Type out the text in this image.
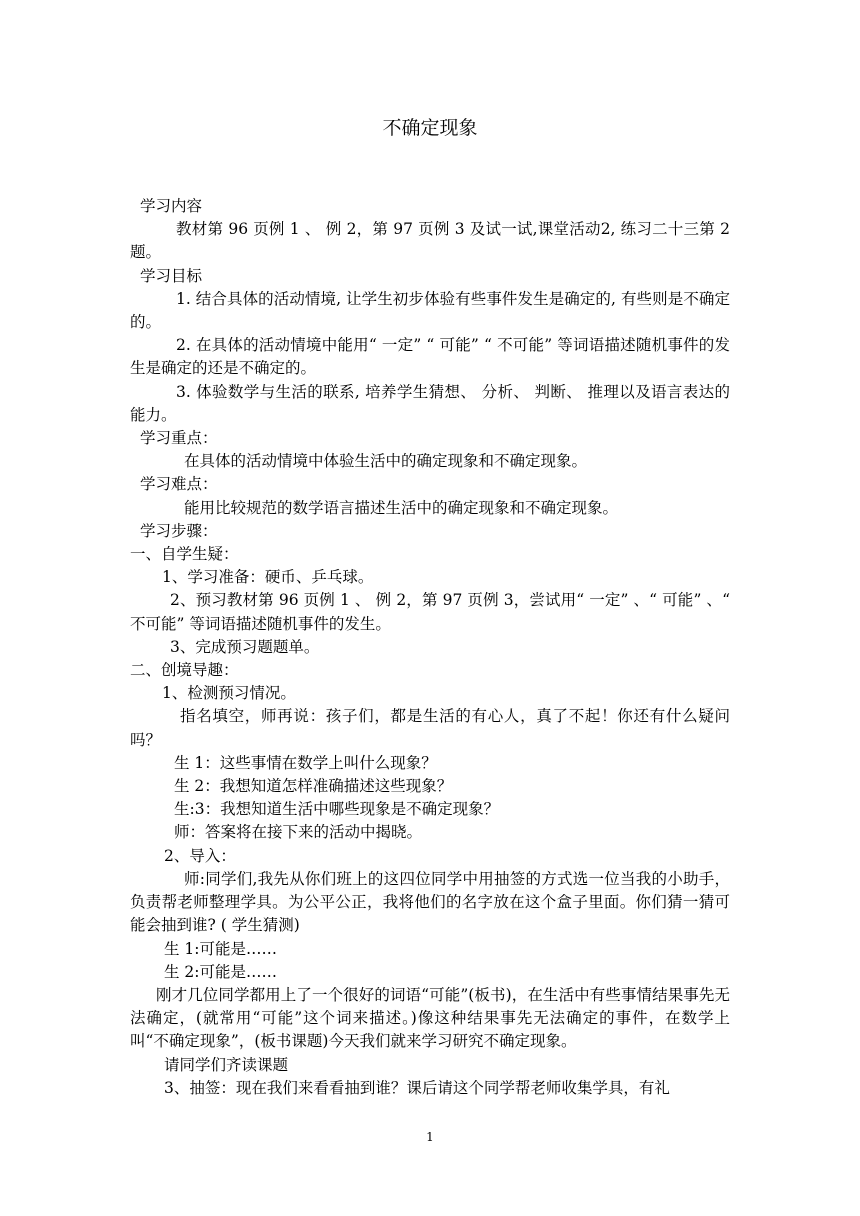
不确定现象

学习内容

教材第 96 页例 1 、 例 2，第 97 页例 3 及试一试,课堂活动2, 练习二十三第 2题。

学习目标

1. 结合具体的活动情境, 让学生初步体验有些事件发生是确定的, 有些则是不确定的。

2. 在具体的活动情境中能用“ 一定” “ 可能” “ 不可能” 等词语描述随机事件的发生是确定的还是不确定的。

3. 体验数学与生活的联系, 培养学生猜想、 分析、 判断、 推理以及语言表达的能力。

学习重点：

在具体的活动情境中体验生活中的确定现象和不确定现象。

学习难点：

能用比较规范的数学语言描述生活中的确定现象和不确定现象。

学习步骤：

一、自学生疑：

1、学习准备：硬币、乒乓球。

2、预习教材第 96 页例 1 、 例 2，第 97 页例 3，尝试用“ 一定” 、“ 可能” 、“ 不可能” 等词语描述随机事件的发生。

3、完成预习题题单。

二、创境导趣：

1、检测预习情况。

指名填空，师再说：孩子们，都是生活的有心人，真了不起！你还有什么疑问吗？

生 1：这些事情在数学上叫什么现象？

生 2：我想知道怎样准确描述这些现象？

生:3：我想知道生活中哪些现象是不确定现象？

师：答案将在接下来的活动中揭晓。

2、导入：

师:同学们,我先从你们班上的这四位同学中用抽签的方式选一位当我的小助手，负责帮老师整理学具。为公平公正，我将他们的名字放在这个盒子里面。你们猜一猜可能会抽到谁? ( 学生猜测)

生 1:可能是……

生 2:可能是……

刚才几位同学都用上了一个很好的词语“可能”(板书)，在生活中有些事情结果事先无法确定，(就常用“可能”这个词来描述。)像这种结果事先无法确定的事件，在数学上叫“不确定现象”，(板书课题)今天我们就来学习研究不确定现象。

请同学们齐读课题

3、抽签：现在我们来看看抽到谁？课后请这个同学帮老师收集学具，有礼

1
